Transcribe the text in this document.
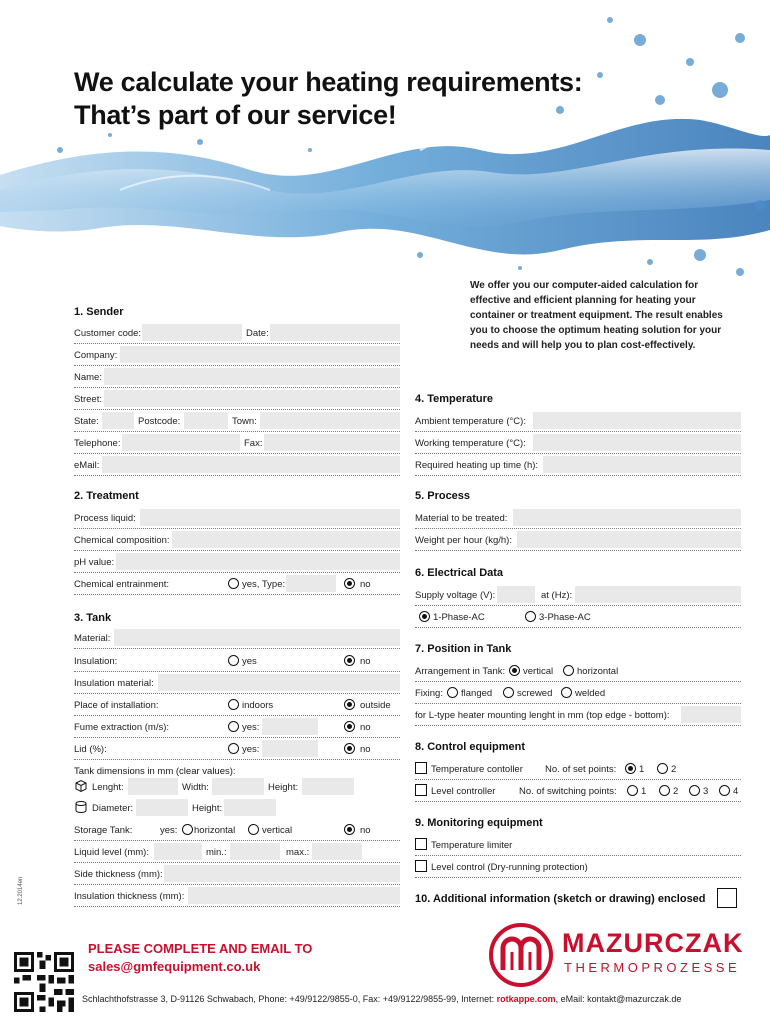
We calculate your heating requirements:
That’s part of our service!
We offer you our computer-aided calculation for effective and efficient planning for heating your container or treatment equipment. The result enables you to choose the optimum heating solution for your needs and will help you to plan cost-effectively.
1. Sender
Customer code:	Date:
Company:
Name:
Street:
State:	Postcode:	Town:
Telephone:	Fax:
eMail:
2. Treatment
Process liquid:
Chemical composition:
pH value:
Chemical entrainment:	yes, Type:	no
3. Tank
Material:
Insulation:	yes	no
Insulation material:
Place of installation:	indoors	outside
Fume extraction (m/s):	yes:	no
Lid (%):	yes:	no
Tank dimensions in mm (clear values):
Lenght:	Width:	Height:
Diameter:	Height:
Storage Tank:	yes: horizontal	vertical	no
Liquid level (mm):	min.:	max.:
Side thickness (mm):
Insulation thickness (mm):
4. Temperature
Ambient temperature (°C):
Working temperature (°C):
Required heating up time (h):
5. Process
Material to be treated:
Weight per hour (kg/h):
6. Electrical Data
Supply voltage (V):	at (Hz):
1-Phase-AC	3-Phase-AC
7. Position in Tank
Arrangement in Tank: vertical	horizontal
Fixing: flanged	screwed welded
for L-type heater mounting lenght in mm (top edge - bottom):
8. Control equipment
Temperature contoller No. of set points: 1	2
Level controller No. of switching points:	1	2	3	4
9. Monitoring equipment
Temperature limiter
Level control (Dry-running protection)
10. Additional information (sketch or drawing) enclosed
12.2014en
PLEASE COMPLETE AND EMAIL TO
sales@gmfequipment.co.uk
MAZURCZAK
THERMOPROZESSE
Schlachthofstrasse 3, D-91126 Schwabach, Phone: +49/9122/9855-0, Fax: +49/9122/9855-99, Internet: rotkappe.com, eMail: kontakt@mazurczak.de
